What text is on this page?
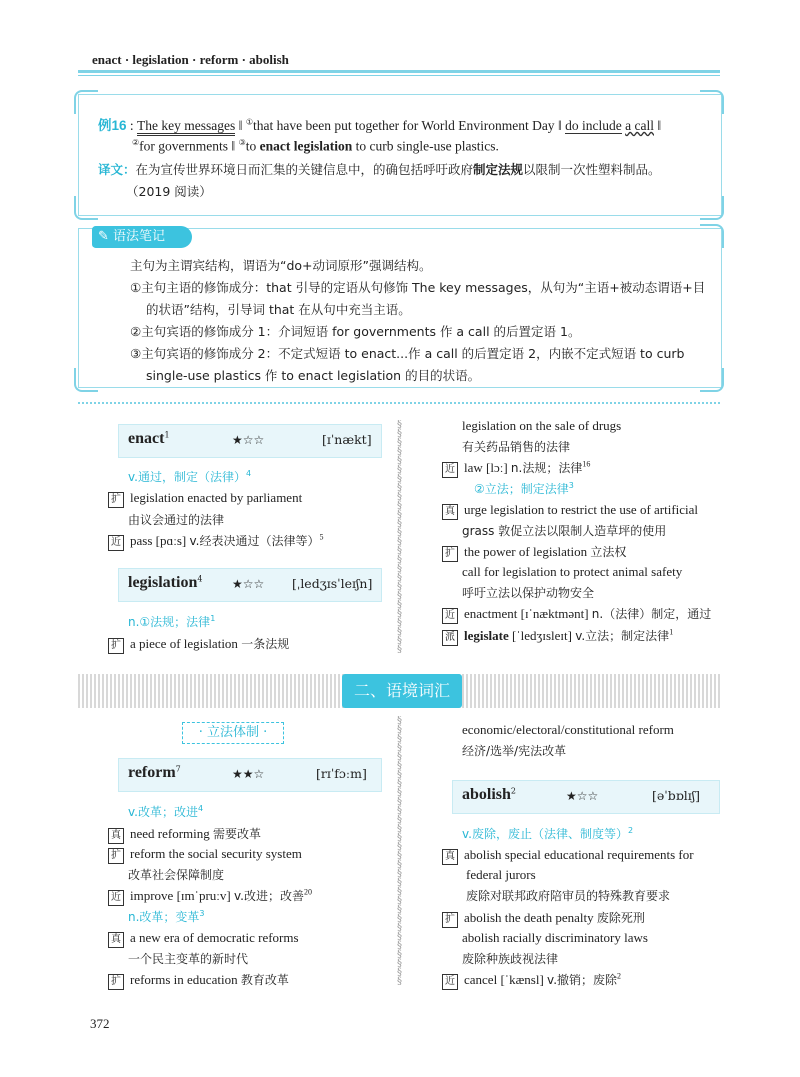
enact · legislation · reform · abolish
例16 : The key messages ‖ ①that have been put together for World Environment Day ‖ do include a call ‖
②for governments ‖ ③to enact legislation to curb single-use plastics.
译文：在为宣传世界环境日而汇集的关键信息中，的确包括呼吁政府制定法规以限制一次性塑料制品。
（2019 阅读）
✎ 语法笔记
主句为主谓宾结构，谓语为“do+动词原形”强调结构。
①主句主语的修饰成分：that 引导的定语从句修饰 The key messages，从句为“主语+被动态谓语+目
的状语”结构，引导词 that 在从句中充当主语。
②主句宾语的修饰成分 1：介词短语 for governments 作 a call 的后置定语 1。
③主句宾语的修饰成分 2：不定式短语 to enact...作 a call 的后置定语 2，内嵌不定式短语 to curb
single-use plastics 作 to enact legislation 的目的状语。
§
§
§
§
§
§
§
§
§
§
§
§
§
§
§
§
§
§
§
§
§
§
§
§
§
§
§
§
§
§
§
§
§
§
§
§
§
§
§
§
§
§
§
§
§
§
§
§
§
§
§
§
§
§
§
§
enact$^1$	★☆☆	[ɪˈnækt]
v.通过，制定（法律）$^4$
扩 legislation enacted by parliament
由议会通过的法律
近 pass [pɑːs] v.经表决通过（法律等）$^5$
legislation$^4$ ★☆☆ [ˌledʒɪsˈleɪʃn]
n.①法规；法律$^1$
扩 a piece of legislation 一条法规
legislation on the sale of drugs
有关药品销售的法律
近 law [lɔː] n.法规；法律$^{16}$
②立法；制定法律$^3$
真 urge legislation to restrict the use of artificial
grass 敦促立法以限制人造草坪的使用
扩 the power of legislation 立法权
call for legislation to protect animal safety
呼吁立法以保护动物安全
近 enactment [ɪˈnæktmənt] n.（法律）制定，通过
派 legislate [ˈledʒɪsleɪt] v.立法；制定法律$^1$
二、语境词汇
· 立法体制 ·
reform$^7$	★★☆	[rɪˈfɔːm]
v.改革；改进$^4$
真 need reforming 需要改革
扩 reform the social security system
改革社会保障制度
近 improve [ɪmˈpruːv] v.改进；改善$^{20}$
n.改革；变革$^3$
真 a new era of democratic reforms
一个民主变革的新时代
扩 reforms in education 教育改革
economic/electoral/constitutional reform
经济/选举/宪法改革
abolish$^2$	★☆☆	[əˈbɒlɪʃ]
v.废除，废止（法律、制度等）$^2$
真 abolish special educational requirements for
federal jurors
废除对联邦政府陪审员的特殊教育要求
扩 abolish the death penalty 废除死刑
abolish racially discriminatory laws
废除种族歧视法律
近 cancel [ˈkænsl] v.撤销；废除$^2$
372
